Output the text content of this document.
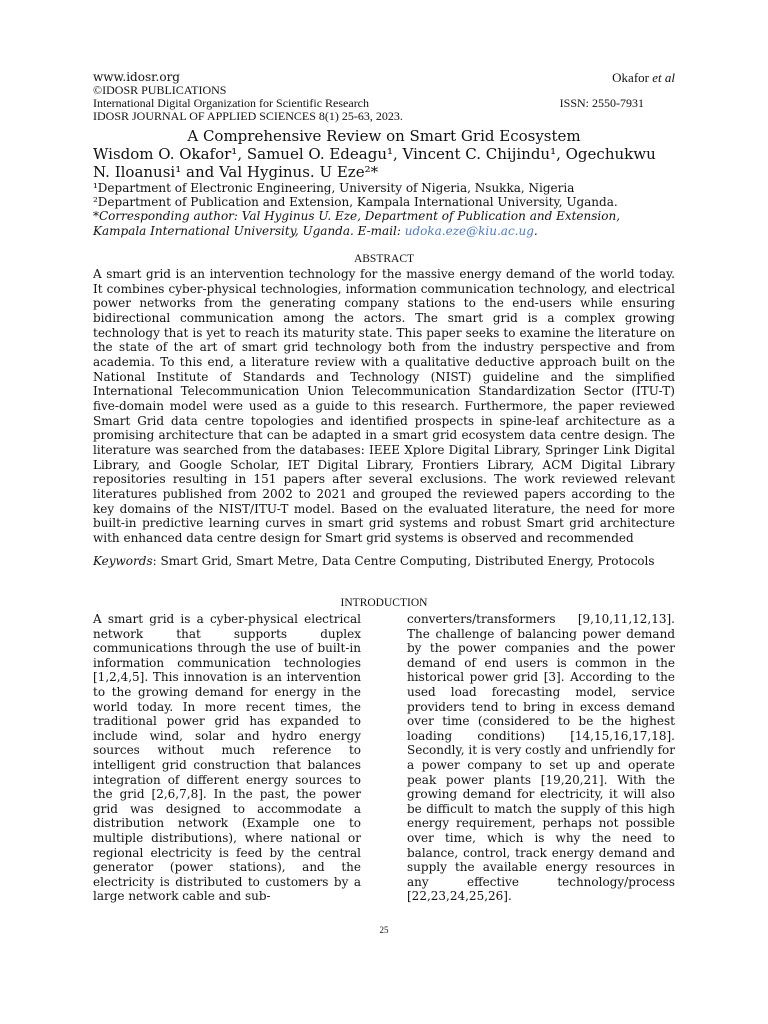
www.idosr.org	Okafor et al
©IDOSR PUBLICATIONS
International Digital Organization for Scientific Research	ISSN: 2550-7931
IDOSR JOURNAL OF APPLIED SCIENCES 8(1) 25-63, 2023.
A Comprehensive Review on Smart Grid Ecosystem
Wisdom O. Okafor¹, Samuel O. Edeagu¹, Vincent C. Chijindu¹, Ogechukwu N. Iloanusi¹ and Val Hyginus. U Eze²*
¹Department of Electronic Engineering, University of Nigeria, Nsukka, Nigeria
²Department of Publication and Extension, Kampala International University, Uganda.
*Corresponding author: Val Hyginus U. Eze, Department of Publication and Extension, Kampala International University, Uganda. E-mail: udoka.eze@kiu.ac.ug.
ABSTRACT
A smart grid is an intervention technology for the massive energy demand of the world today. It combines cyber-physical technologies, information communication technology, and electrical power networks from the generating company stations to the end-users while ensuring bidirectional communication among the actors. The smart grid is a complex growing technology that is yet to reach its maturity state. This paper seeks to examine the literature on the state of the art of smart grid technology both from the industry perspective and from academia. To this end, a literature review with a qualitative deductive approach built on the National Institute of Standards and Technology (NIST) guideline and the simplified International Telecommunication Union Telecommunication Standardization Sector (ITU-T) five-domain model were used as a guide to this research. Furthermore, the paper reviewed Smart Grid data centre topologies and identified prospects in spine-leaf architecture as a promising architecture that can be adapted in a smart grid ecosystem data centre design. The literature was searched from the databases: IEEE Xplore Digital Library, Springer Link Digital Library, and Google Scholar, IET Digital Library, Frontiers Library, ACM Digital Library repositories resulting in 151 papers after several exclusions. The work reviewed relevant literatures published from 2002 to 2021 and grouped the reviewed papers according to the key domains of the NIST/ITU-T model. Based on the evaluated literature, the need for more built-in predictive learning curves in smart grid systems and robust Smart grid architecture with enhanced data centre design for Smart grid systems is observed and recommended
Keywords: Smart Grid, Smart Metre, Data Centre Computing, Distributed Energy, Protocols
INTRODUCTION
A smart grid is a cyber-physical electrical network that supports duplex communications through the use of built-in information communication technologies [1,2,4,5]. This innovation is an intervention to the growing demand for energy in the world today. In more recent times, the traditional power grid has expanded to include wind, solar and hydro energy sources without much reference to intelligent grid construction that balances integration of different energy sources to the grid [2,6,7,8]. In the past, the power grid was designed to accommodate a distribution network (Example one to multiple distributions), where national or regional electricity is feed by the central generator (power stations), and the electricity is distributed to customers by a large network cable and sub-
converters/transformers [9,10,11,12,13]. The challenge of balancing power demand by the power companies and the power demand of end users is common in the historical power grid [3]. According to the used load forecasting model, service providers tend to bring in excess demand over time (considered to be the highest loading conditions) [14,15,16,17,18]. Secondly, it is very costly and unfriendly for a power company to set up and operate peak power plants [19,20,21]. With the growing demand for electricity, it will also be difficult to match the supply of this high energy requirement, perhaps not possible over time, which is why the need to balance, control, track energy demand and supply the available energy resources in any effective technology/process [22,23,24,25,26].
25
